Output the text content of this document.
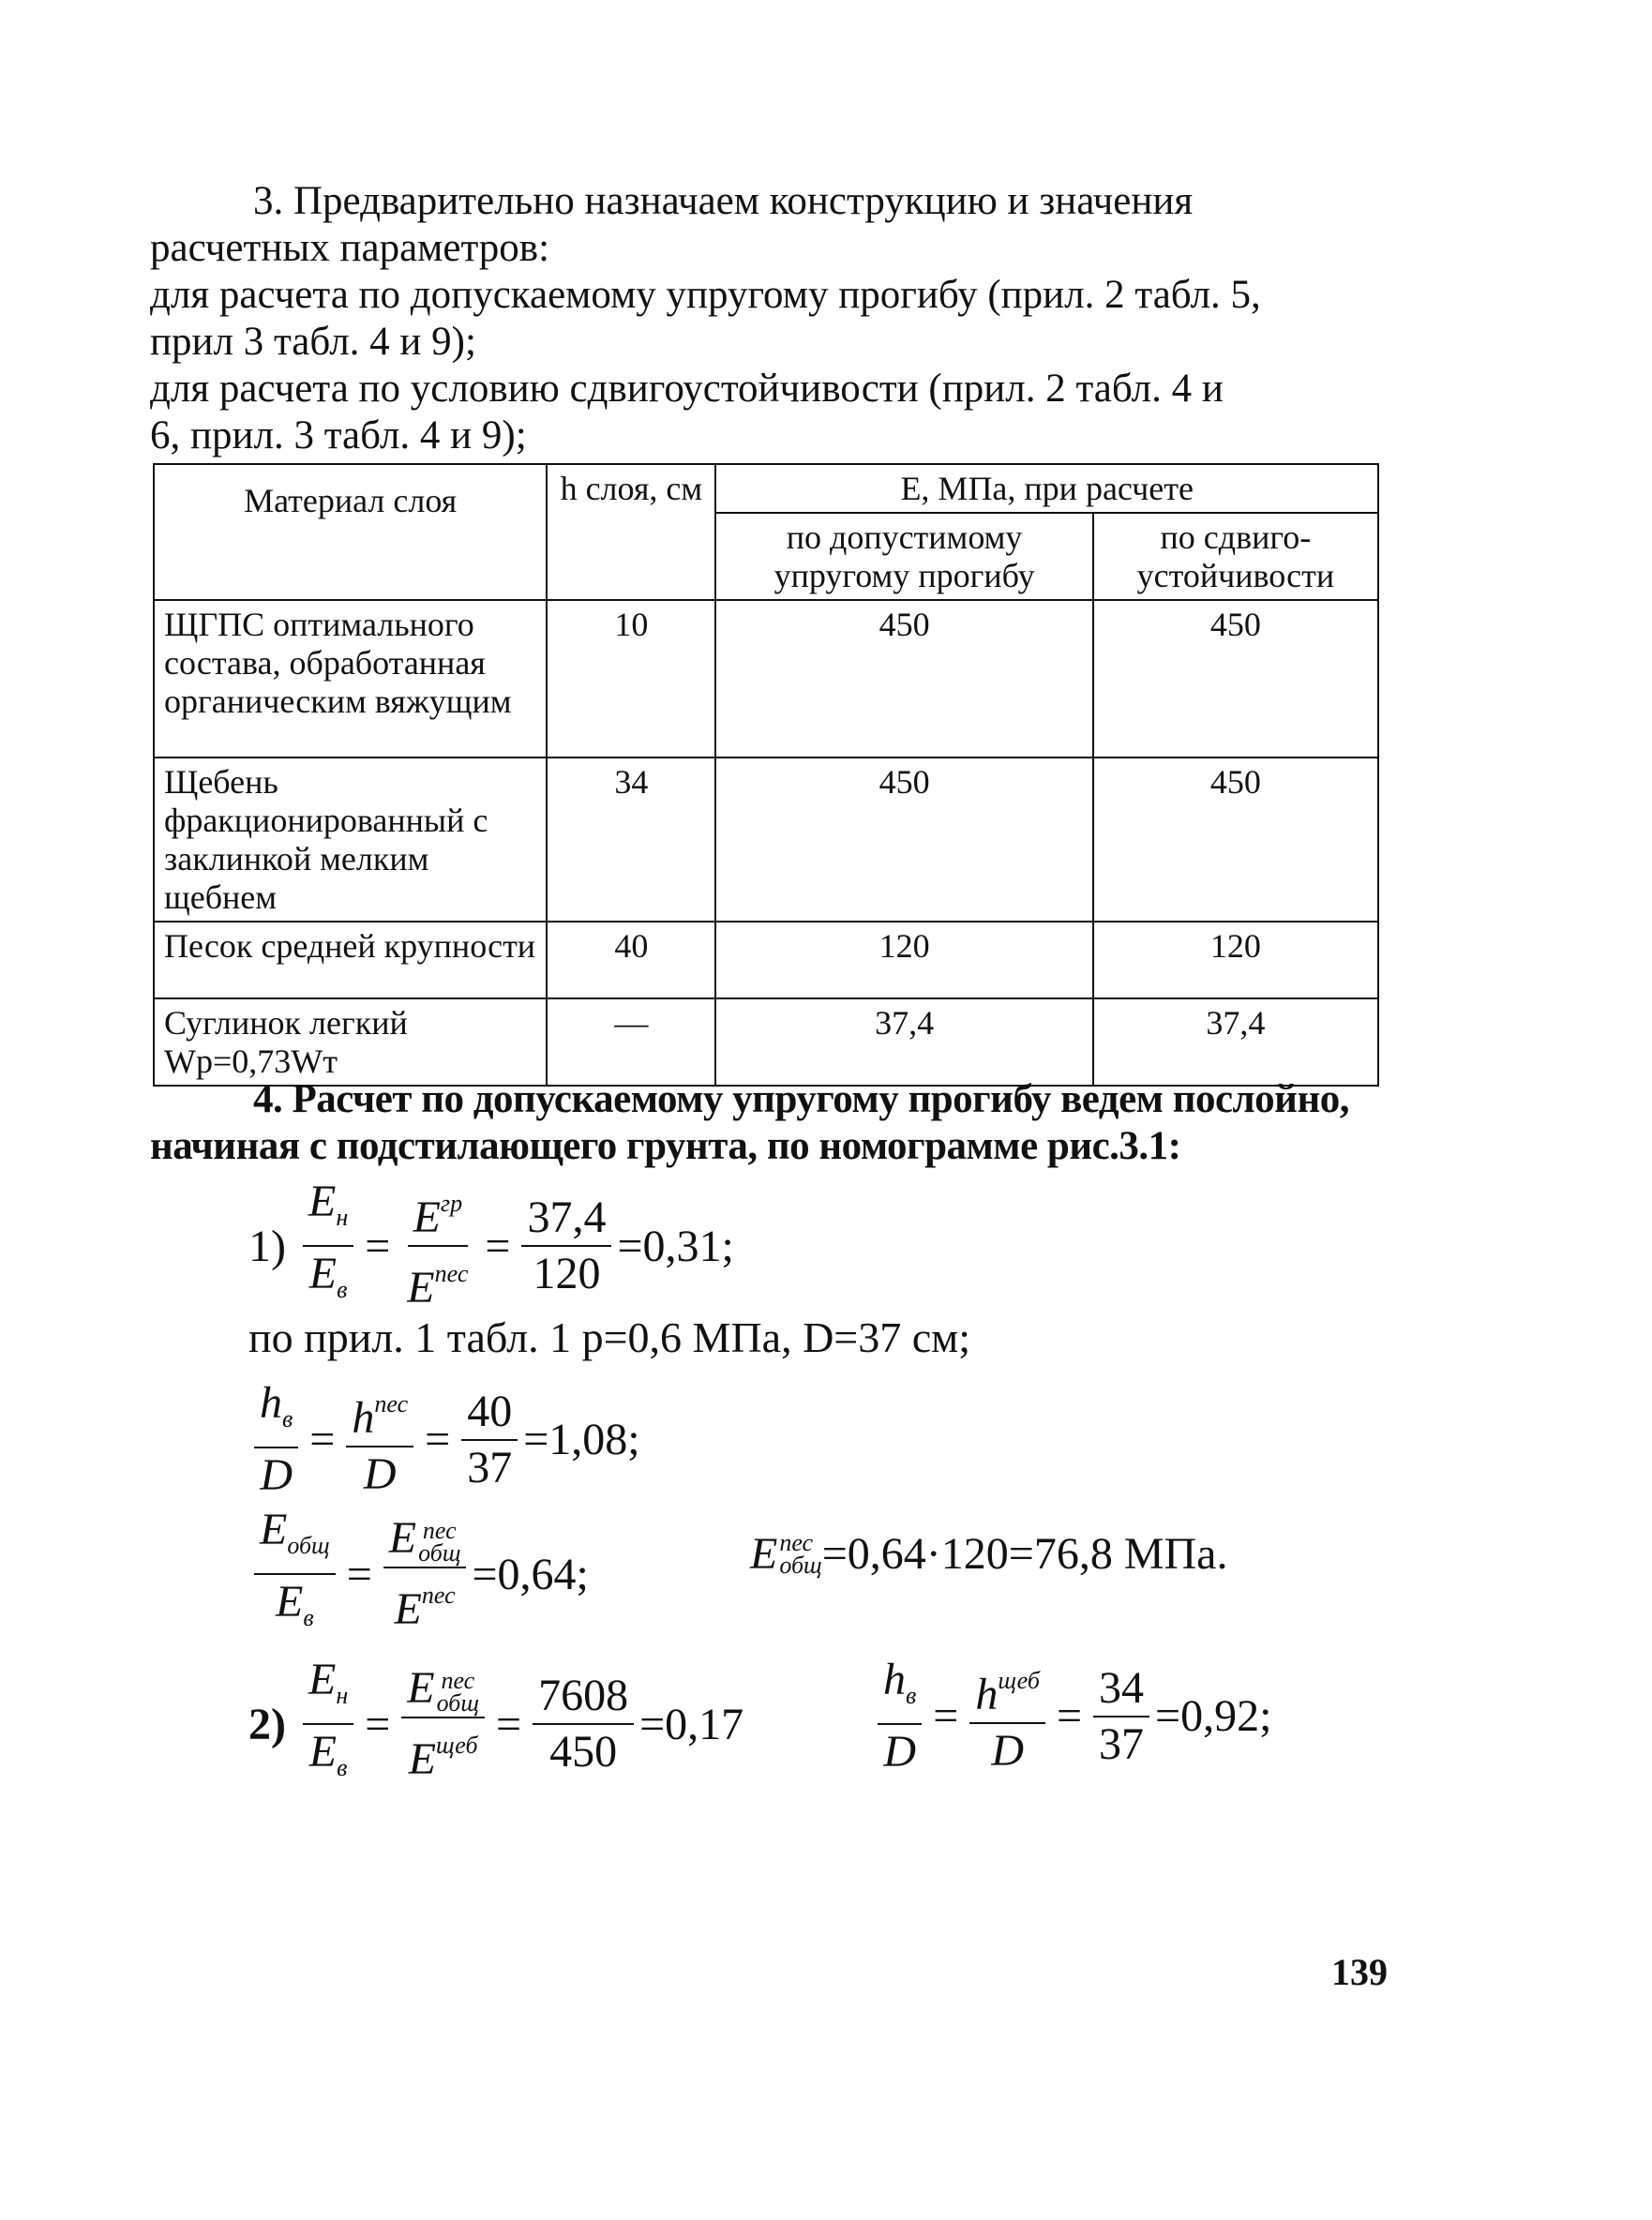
3. Предварительно назначаем конструкцию и значения
расчетных параметров:
для расчета по допускаемому упругому прогибу (прил. 2 табл. 5,
прил 3 табл. 4 и 9);
для расчета по условию сдвигоустойчивости (прил. 2 табл. 4 и
6, прил. 3 табл. 4 и 9);
Материал слоя	h слоя, см	Е, МПа, при расчете	
		по допустимому упругому прогибу	по сдвиго-устойчивости
ЩГПС оптимального состава, обработанная органическим вяжущим	10	450	450
Щебень фракционированный с заклинкой мелким щебнем	34	450	450
Песок средней крупности	40	120	120
Суглинок легкий Wр=0,73Wт	—	37,4	37,4
4. Расчет по допускаемому упругому прогибу ведем послойно,
начиная с подстилающего грунта, по номограмме рис.3.1:
$1) \frac{E_н}{E_в} = \frac{E^{гр}}{E^{пес}} = \frac{37,4}{120} =0,31$;
по прил. 1 табл. 1 р=0,6 МПа, D=37 см;
$\frac{h_в}{D} = \frac{h^{пес}}{D} = \frac{40}{37} =1,08$;
$\frac{E_{общ}}{E_в} = E$ пес
общ
$E^{пес} =0,64$;	E пес
общ =0,64·120=76,8 МПа.
$2) \frac{E_н}{E_в} = E$ пес
общ
$E^{щеб} = \frac{7608}{450} =0,17$	$\frac{h_в}{D} = \frac{h^{щеб}}{D} = \frac{34}{37} =0,92$;
139
